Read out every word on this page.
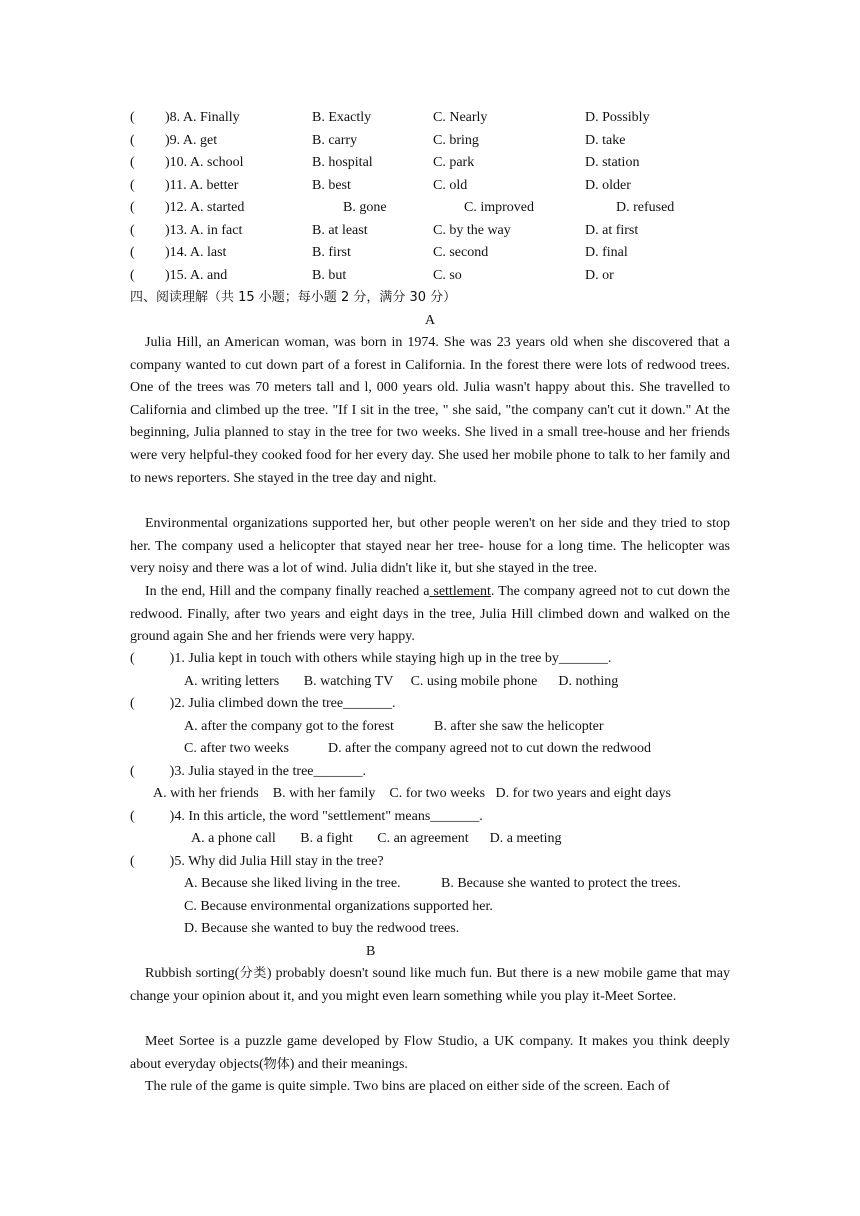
( )8. A. Finally	B. Exactly	C. Nearly	D. Possibly
( )9. A. get	B. carry	C. bring	D. take
( )10. A. school	B. hospital	C. park	D. station
( )11. A. better	B. best	C. old	D. older
( )12. A. started	B. gone	C. improved	D. refused
( )13. A. in fact	B. at least	C. by the way	D. at first
( )14. A. last	B. first	C. second	D. final
( )15. A. and	B. but	C. so	D. or
四、阅读理解（共 15 小题；每小题 2 分，满分 30 分）
A

Julia Hill, an American woman, was born in 1974. She was 23 years old when she discovered that a company wanted to cut down part of a forest in California. In the forest there were lots of redwood trees. One of the trees was 70 meters tall and l, 000 years old. Julia wasn't happy about this. She travelled to California and climbed up the tree. "If I sit in the tree, " she said, "the company can't cut it down." At the beginning, Julia planned to stay in the tree for two weeks. She lived in a small tree-house and her friends were very helpful-they cooked food for her every day. She used her mobile phone to talk to her family and to news reporters. She stayed in the tree day and night.

Environmental organizations supported her, but other people weren't on her side and they tried to stop her. The company used a helicopter that stayed near her tree- house for a long time. The helicopter was very noisy and there was a lot of wind. Julia didn't like it, but she stayed in the tree.

In the end, Hill and the company finally reached a settlement. The company agreed not to cut down the redwood. Finally, after two years and eight days in the tree, Julia Hill climbed down and walked on the ground again She and her friends were very happy.

(          )1. Julia kept in touch with others while staying high up in the tree by_______.
A. writing letters       B. watching TV     C. using mobile phone      D. nothing
(          )2. Julia climbed down the tree_______.
A. after the company got to the forest	B. after she saw the helicopter
C. after two weeks	D. after the company agreed not to cut down the redwood
(          )3. Julia stayed in the tree_______.
A. with her friends    B. with her family    C. for two weeks   D. for two years and eight days
(          )4. In this article, the word "settlement" means_______.
A. a phone call       B. a fight       C. an agreement      D. a meeting
(          )5. Why did Julia Hill stay in the tree?
A. Because she liked living in the tree.	B. Because she wanted to protect the trees.
C. Because environmental organizations supported her.
D. Because she wanted to buy the redwood trees.
B

Rubbish sorting(分类) probably doesn't sound like much fun. But there is a new mobile game that may change your opinion about it, and you might even learn something while you play it-Meet Sortee.

Meet Sortee is a puzzle game developed by Flow Studio, a UK company. It makes you think deeply about everyday objects(物体) and their meanings.

The rule of the game is quite simple. Two bins are placed on either side of the screen. Each of
